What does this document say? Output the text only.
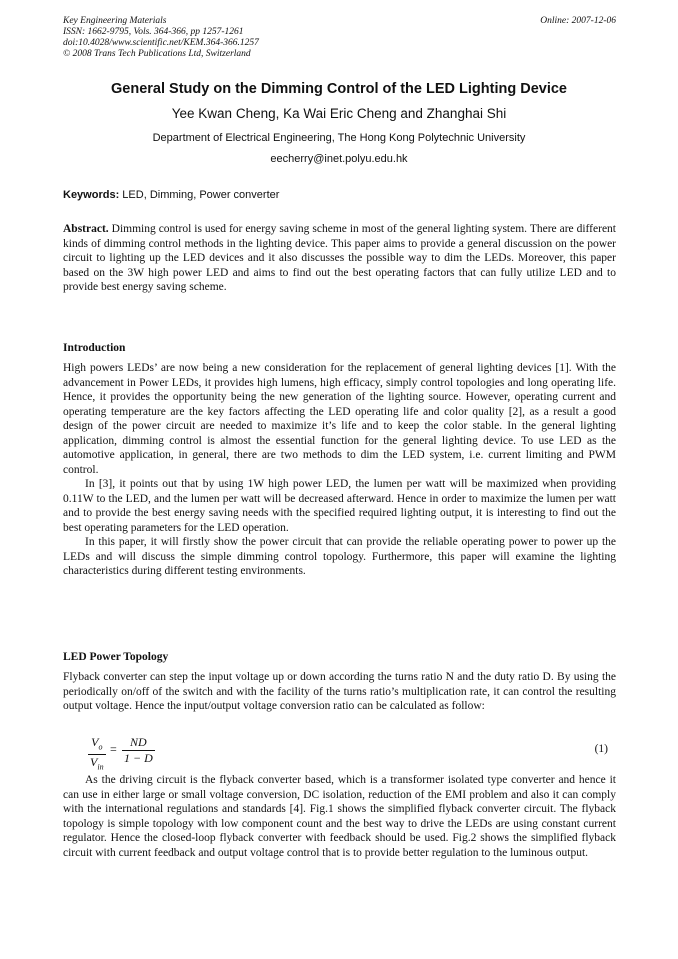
Key Engineering Materials
ISSN: 1662-9795, Vols. 364-366, pp 1257-1261
doi:10.4028/www.scientific.net/KEM.364-366.1257
© 2008 Trans Tech Publications Ltd, Switzerland
Online: 2007-12-06
General Study on the Dimming Control of the LED Lighting Device
Yee Kwan Cheng, Ka Wai Eric Cheng and Zhanghai Shi
Department of Electrical Engineering, The Hong Kong Polytechnic University
eecherry@inet.polyu.edu.hk
Keywords: LED, Dimming, Power converter

Abstract. Dimming control is used for energy saving scheme in most of the general lighting system. There are different kinds of dimming control methods in the lighting device. This paper aims to provide a general discussion on the power circuit to lighting up the LED devices and it also discusses the possible way to dim the LEDs. Moreover, this paper based on the 3W high power LED and aims to find out the best operating factors that can fully utilize LED and to provide best energy saving scheme.

Introduction

High powers LEDs’ are now being a new consideration for the replacement of general lighting devices [1]. With the advancement in Power LEDs, it provides high lumens, high efficacy, simply control topologies and long operating life. Hence, it provides the opportunity being the new generation of the lighting source. However, operating current and operating temperature are the key factors affecting the LED operating life and color quality [2], as a result a good design of the power circuit are needed to maximize it’s life and to keep the color stable. In the general lighting application, dimming control is almost the essential function for the general lighting device. To use LED as the automotive application, in general, there are two methods to dim the LED system, i.e. current limiting and PWM control.

In [3], it points out that by using 1W high power LED, the lumen per watt will be maximized when providing 0.11W to the LED, and the lumen per watt will be decreased afterward. Hence in order to maximize the lumen per watt and to provide the best energy saving needs with the specified required lighting output, it is interesting to find out the best operating parameters for the LED operation.

In this paper, it will firstly show the power circuit that can provide the reliable operating power to power up the LEDs and will discuss the simple dimming control topology. Furthermore, this paper will examine the lighting characteristics during different testing environments.

LED Power Topology

Flyback converter can step the input voltage up or down according the turns ratio N and the duty ratio D. By using the periodically on/off of the switch and with the facility of the turns ratio’s multiplication rate, it can control the resulting output voltage. Hence the input/output voltage conversion ratio can be calculated as follow:

$V_o$
$V_{in}$
= $\frac{ND}{1 - D}$	(1)

As the driving circuit is the flyback converter based, which is a transformer isolated type converter and hence it can use in either large or small voltage conversion, DC isolation, reduction of the EMI problem and also it can comply with the international regulations and standards [4]. Fig.1 shows the simplified flyback converter circuit. The flyback topology is simple topology with low component count and the best way to drive the LEDs are using constant current regulator. Hence the closed-loop flyback converter with feedback should be used. Fig.2 shows the simplified flyback circuit with current feedback and output voltage control that is to provide better regulation to the luminous output.
